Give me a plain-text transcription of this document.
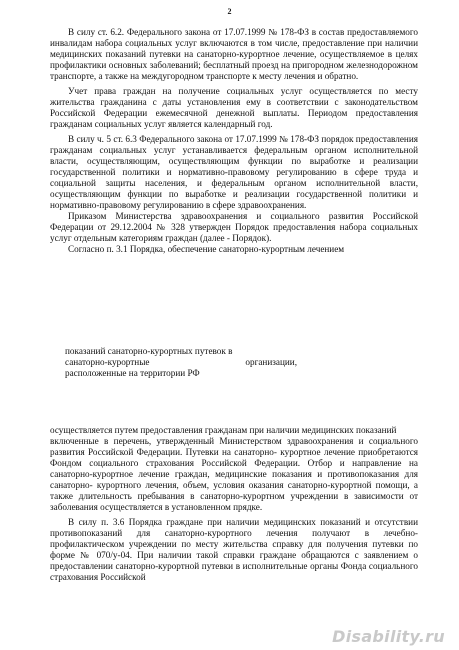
2

В силу ст. 6.2. Федерального закона от 17.07.1999 № 178-ФЗ в состав предоставляемого инвалидам набора социальных услуг включаются в том числе, предоставление при наличии медицинских показаний путевки на санаторно-курортное лечение, осуществляемое в целях профилактики основных заболеваний; бесплатный проезд на пригородном железнодорожном транспорте, а также на междугородном транспорте к месту лечения и обратно.

Учет права граждан на получение социальных услуг осуществляется по месту жительства гражданина с даты установления ему в соответствии с законодательством Российской Федерации ежемесячной денежной выплаты. Периодом предоставления гражданам социальных услуг является календарный год.

В силу ч. 5 ст. 6.3 Федерального закона от 17.07.1999 № 178-ФЗ порядок предоставления гражданам социальных услуг устанавливается федеральным органом исполнительной власти, осуществляющим, осуществляющим функции по выработке и реализации государственной политики и нормативно-правовому регулированию в сфере труда и социальной защиты населения, и федеральным органом исполнительной власти, осуществляющим функции по выработке и реализации государственной политики и нормативно-правовому регулированию в сфере здравоохранения.

Приказом Министерства здравоохранения и социального развития Российской Федерации от 29.12.2004 № 328 утвержден Порядок предоставления набора социальных услуг отдельным категориям граждан (далее - Порядок).

Согласно п. 3.1 Порядка, обеспечение санаторно-курортным лечением

показаний санаторно-курортных путевок в
санаторно-курортные	организации,
расположенные на территории РФ

осуществляется путем предоставления гражданам при наличии медицинских показаний

включенные в перечень, утвержденный Министерством здравоохранения и социального развития Российской Федерации. Путевки на санаторно- курортное лечение приобретаются Фондом социального страхования Российской Федерации. Отбор и направление на санаторно-курортное лечение граждан, медицинские показания и противопоказания для санаторно- курортного лечения, объем, условия оказания санаторно-курортной помощи, а также длительность пребывания в санаторно-курортном учреждении в зависимости от заболевания осуществляется в установленном прядке.

В силу п. 3.6 Порядка граждане при наличии медицинских показаний и отсутствии противопоказаний для санаторно-курортного лечения получают в лечебно-профилактическом учреждении по месту жительства справку для получения путевки по форме № 070/у-04. При наличии такой справки граждане обращаются с заявлением о предоставлении санаторно-курортной путевки в исполнительные органы Фонда социального страхования Российской

Disability.ru
